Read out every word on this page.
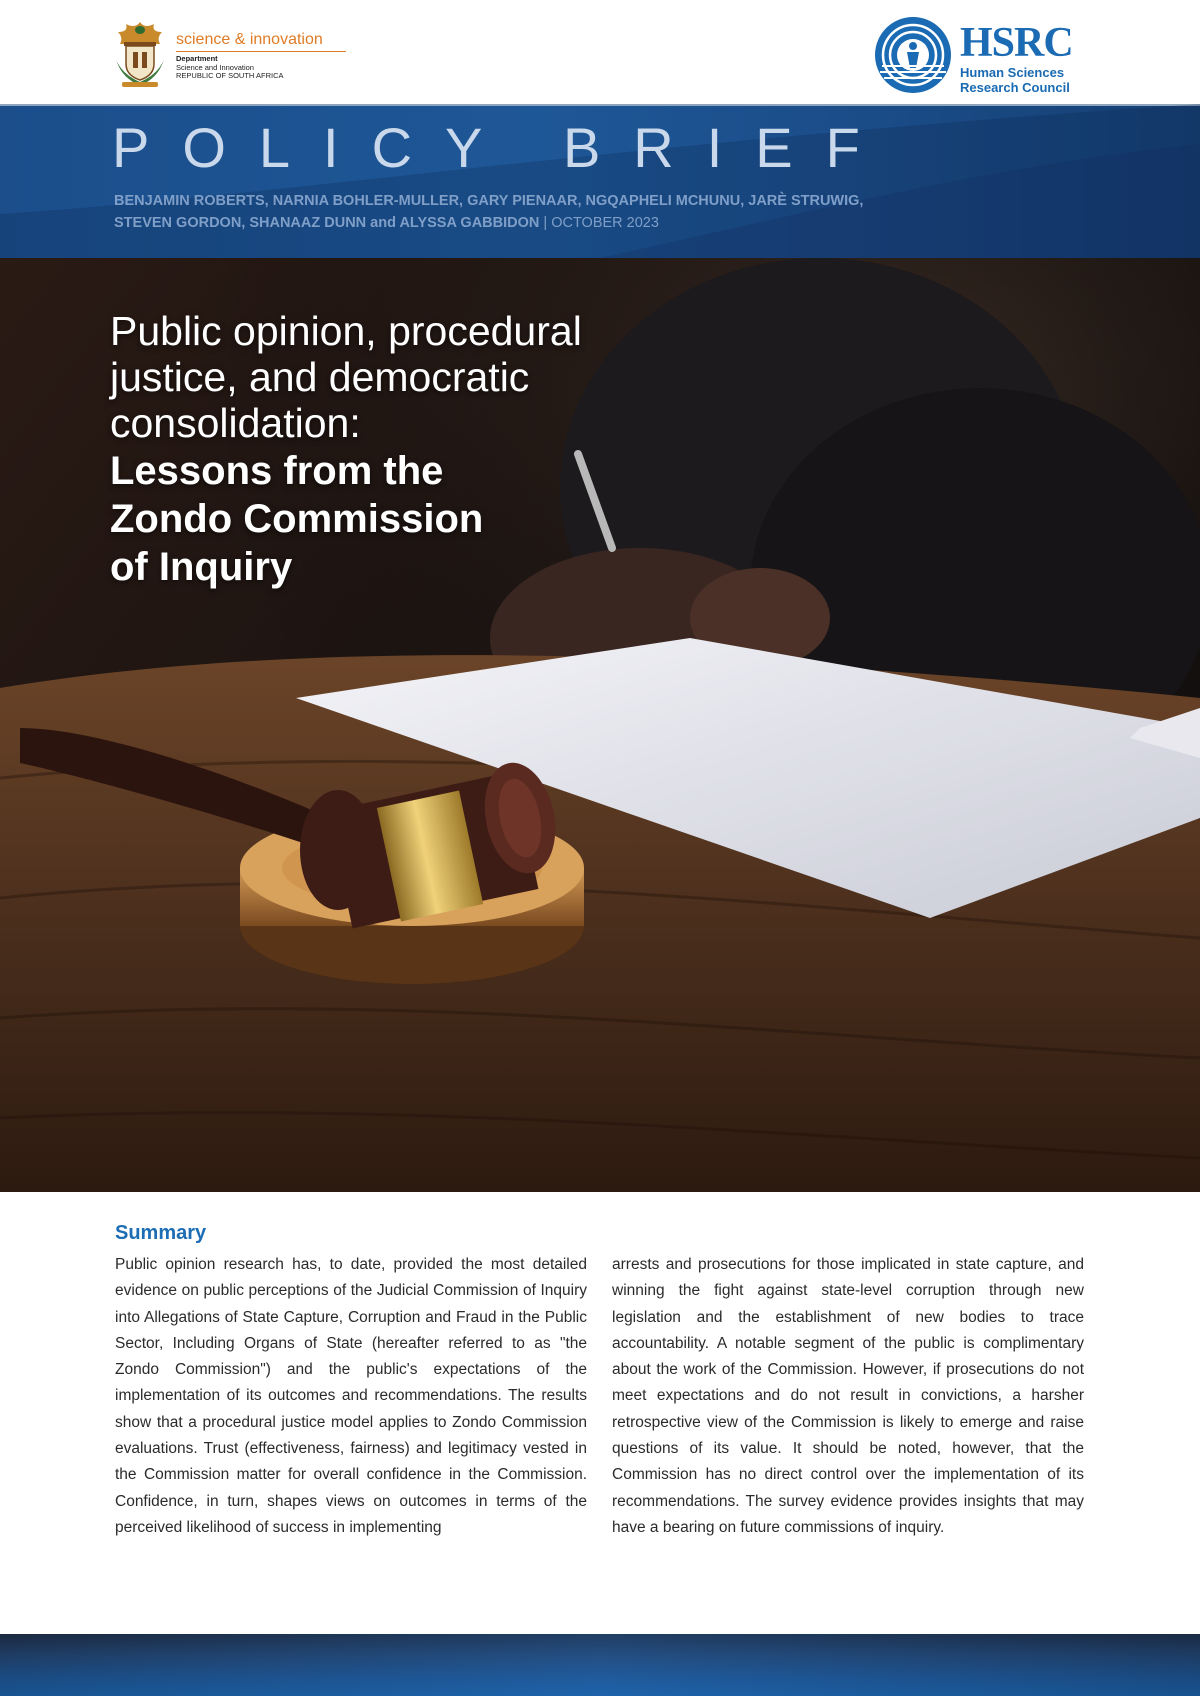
science & innovation
Department
Science and Innovation
REPUBLIC OF SOUTH AFRICA
HSRC
Human Sciences
Research Council
POLICY BRIEF
BENJAMIN ROBERTS, NARNIA BOHLER-MULLER, GARY PIENAAR, NGQAPHELI MCHUNU, JARÈ STRUWIG,
STEVEN GORDON, SHANAAZ DUNN and ALYSSA GABBIDON | OCTOBER 2023
Public opinion, procedural
justice, and democratic
consolidation:
Lessons from the
Zondo Commission
of Inquiry
Summary
Public opinion research has, to date, provided the most detailed evidence on public perceptions of the Judicial Commission of Inquiry into Allegations of State Capture, Corruption and Fraud in the Public Sector, Including Organs of State (hereafter referred to as "the Zondo Commission") and the public's expectations of the implementation of its outcomes and recommendations. The results show that a procedural justice model applies to Zondo Commission evaluations. Trust (effectiveness, fairness) and legitimacy vested in the Commission matter for overall confidence in the Commission. Confidence, in turn, shapes views on outcomes in terms of the perceived likelihood of success in implementing
arrests and prosecutions for those implicated in state capture, and winning the fight against state-level corruption through new legislation and the establishment of new bodies to trace accountability. A notable segment of the public is complimentary about the work of the Commission. However, if prosecutions do not meet expectations and do not result in convictions, a harsher retrospective view of the Commission is likely to emerge and raise questions of its value. It should be noted, however, that the Commission has no direct control over the implementation of its recommendations. The survey evidence provides insights that may have a bearing on future commissions of inquiry.
